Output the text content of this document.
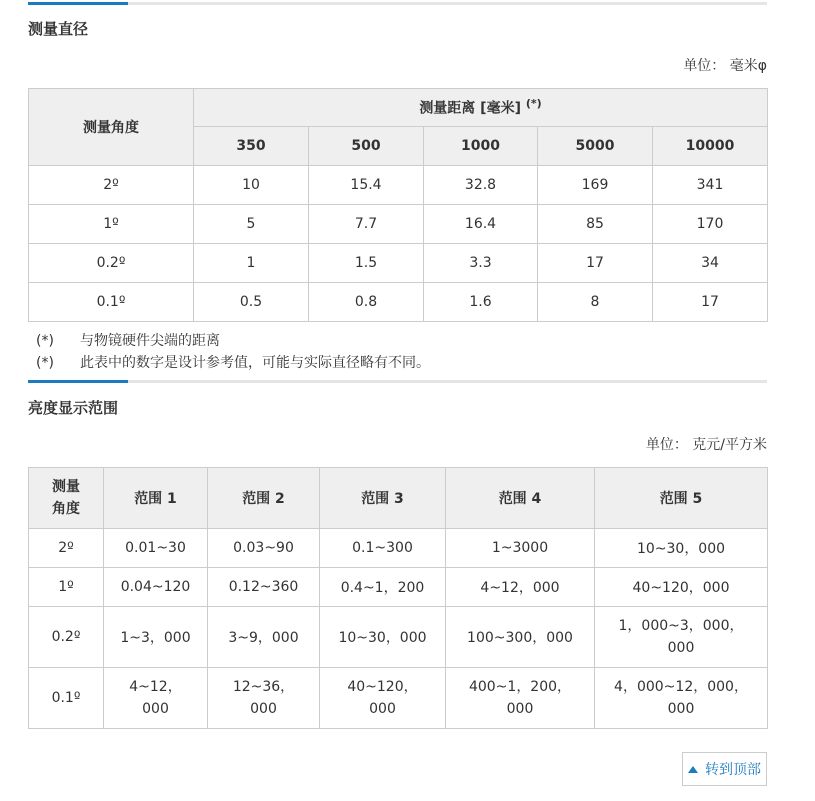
测量直径
单位： 毫米φ
测量角度	测量距离 [毫米] (*)
	350	500	1000	5000	10000
2º	10	15.4	32.8	169	341
1º	5	7.7	16.4	85	170
0.2º	1	1.5	3.3	17	34
0.1º	0.5	0.8	1.6	8	17
(*) 与物镜硬件尖端的距离
(*) 此表中的数字是设计参考值，可能与实际直径略有不同。
亮度显示范围
单位： 克元/平方米
测量角度	范围 1	范围 2	范围 3	范围 4	范围 5
2º	0.01~30	0.03~90	0.1~300	1~3000	10~30，000
1º	0.04~120	0.12~360	0.4~1，200	4~12，000	40~120，000
0.2º	1~3，000	3~9，000	10~30，000	100~300，000	1，000~3，000，000
0.1º	4~12，000	12~36，000	40~120，000	400~1，200，000	4，000~12，000，000
转到顶部
